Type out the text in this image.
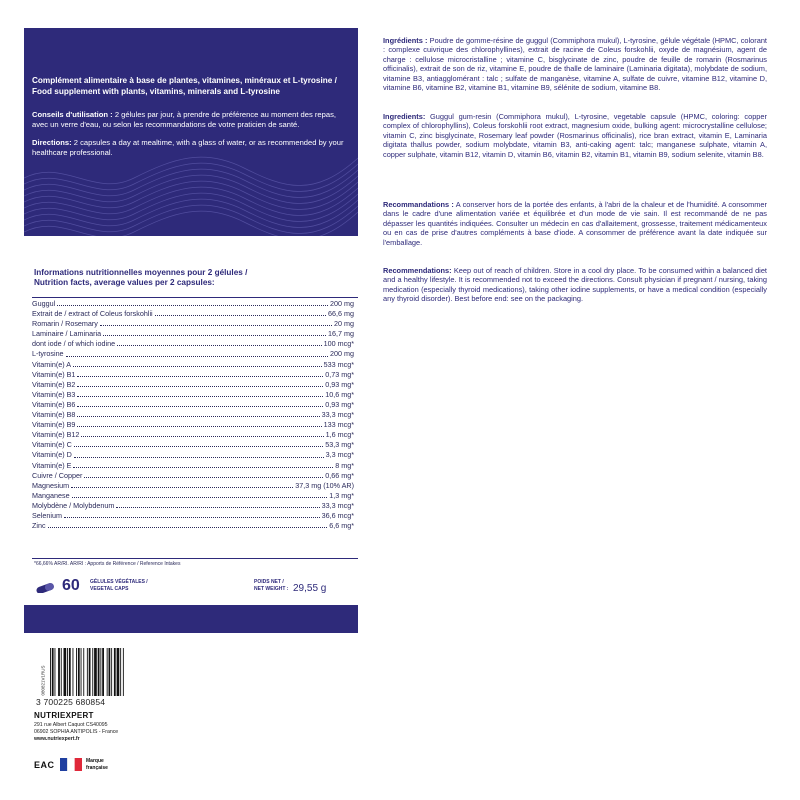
Complément alimentaire à base de plantes, vitamines, minéraux et L-tyrosine / Food supplement with plants, vitamins, minerals and L-tyrosine
Conseils d'utilisation : 2 gélules par jour, à prendre de préférence au moment des repas, avec un verre d'eau, ou selon les recommandations de votre praticien de santé.
Directions: 2 capsules a day at mealtime, with a glass of water, or as recommended by your healthcare professional.
Informations nutritionnelles moyennes pour 2 gélules /
Nutrition facts, average values per 2 capsules:
Guggul	200 mg
Extrait de / extract of Coleus forskohlii	66,6 mg
Romarin / Rosemary	20 mg
Laminaire / Laminaria	16,7 mg
dont iode / of which iodine	100 mcg*
L-tyrosine	200 mg
Vitamin(e) A	533 mcg*
Vitamin(e) B1	0,73 mg*
Vitamin(e) B2	0,93 mg*
Vitamin(e) B3	10,6 mg*
Vitamin(e) B6	0,93 mg*
Vitamin(e) B8	33,3 mcg*
Vitamin(e) B9	133 mcg*
Vitamin(e) B12	1,6 mcg*
Vitamin(e) C	53,3 mg*
Vitamin(e) D	3,3 mcg*
Vitamin(e) E	8 mg*
Cuivre / Copper	0,66 mg*
Magnesium	37,3 mg (10% AR)
Manganese	1,3 mg*
Molybdène / Molybdenum	33,3 mcg*
Selenium	36,6 mcg*
Zinc	6,6 mg*
*66,66% AR/RI. AR/RI : Apports de Référence / Reference Intakes
60 GÉLULES VÉGÉTALES /
VEGETAL CAPS
POIDS NET /
NET WEIGHT : 29,55 g
080821V1RUS
3 700225 680854
NUTRIEXPERT
291 rue Albert Caquot CS40095
06902 SOPHIA ANTIPOLIS - France
www.nutriexpert.fr
EAC	Marque française
Ingrédients : Poudre de gomme-résine de guggul (Commiphora mukul), L-tyrosine, gélule végétale (HPMC, colorant : complexe cuivrique des chlorophyllines), extrait de racine de Coleus forskohlii, oxyde de magnésium, agent de charge : cellulose microcristalline ; vitamine C, bisglycinate de zinc, poudre de feuille de romarin (Rosmarinus officinalis), extrait de son de riz, vitamine E, poudre de thalle de laminaire (Laminaria digitata), molybdate de sodium, vitamine B3, antiagglomérant : talc ; sulfate de manganèse, vitamine A, sulfate de cuivre, vitamine B12, vitamine D, vitamine B6, vitamine B2, vitamine B1, vitamine B9, sélénite de sodium, vitamine B8.
Ingredients: Guggul gum-resin (Commiphora mukul), L-tyrosine, vegetable capsule (HPMC, coloring: copper complex of chlorophyllins), Coleus forskohlii root extract, magnesium oxide, bulking agent: microcrystalline cellulose; vitamin C, zinc bisglycinate, Rosemary leaf powder (Rosmarinus officinalis), rice bran extract, vitamin E, Laminaria digitata thallus powder, sodium molybdate, vitamin B3, anti-caking agent: talc; manganese sulphate, vitamin A, copper sulphate, vitamin B12, vitamin D, vitamin B6, vitamin B2, vitamin B1, vitamin B9, sodium selenite, vitamin B8.
Recommandations : A conserver hors de la portée des enfants, à l'abri de la chaleur et de l'humidité. A consommer dans le cadre d'une alimentation variée et équilibrée et d'un mode de vie sain. Il est recommandé de ne pas dépasser les quantités indiquées. Consulter un médecin en cas d'allaitement, grossesse, traitement médicamenteux ou en cas de prise d'autres compléments à base d'iode. A consommer de préférence avant la date indiquée sur l'emballage.
Recommendations: Keep out of reach of children. Store in a cool dry place. To be consumed within a balanced diet and a healthy lifestyle. It is recommended not to exceed the directions. Consult physician if pregnant / nursing, taking medication (especially thyroid medications), taking other iodine supplements, or have a medical condition (especially any thyroid disorder). Best before end: see on the packaging.
